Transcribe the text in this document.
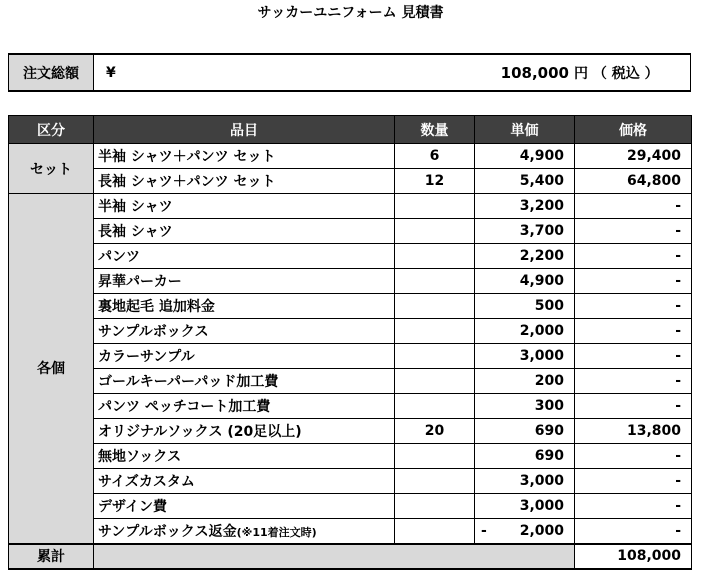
サッカーユニフォーム 見積書
注文総額	¥	108,000 円 （ 税込 ）
区分	品目	数量	単価	価格
セット	半袖 シャツ＋パンツ セット	6	4,900	29,400
	長袖 シャツ＋パンツ セット	12	5,400	64,800
各個	半袖 シャツ		3,200	-
	長袖 シャツ		3,700	-
	パンツ		2,200	-
	昇華パーカー		4,900	-
	裏地起毛 追加料金		500	-
	サンプルボックス		2,000	-
	カラーサンプル		3,000	-
	ゴールキーパーパッド加工費		200	-
	パンツ ペッチコート加工費		300	-
	オリジナルソックス (20足以上)	20	690	13,800
	無地ソックス		690	-
	サイズカスタム		3,000	-
	デザイン費		3,000	-
	サンプルボックス返金(※11着注文時)		- 2,000	-
累計				108,000
